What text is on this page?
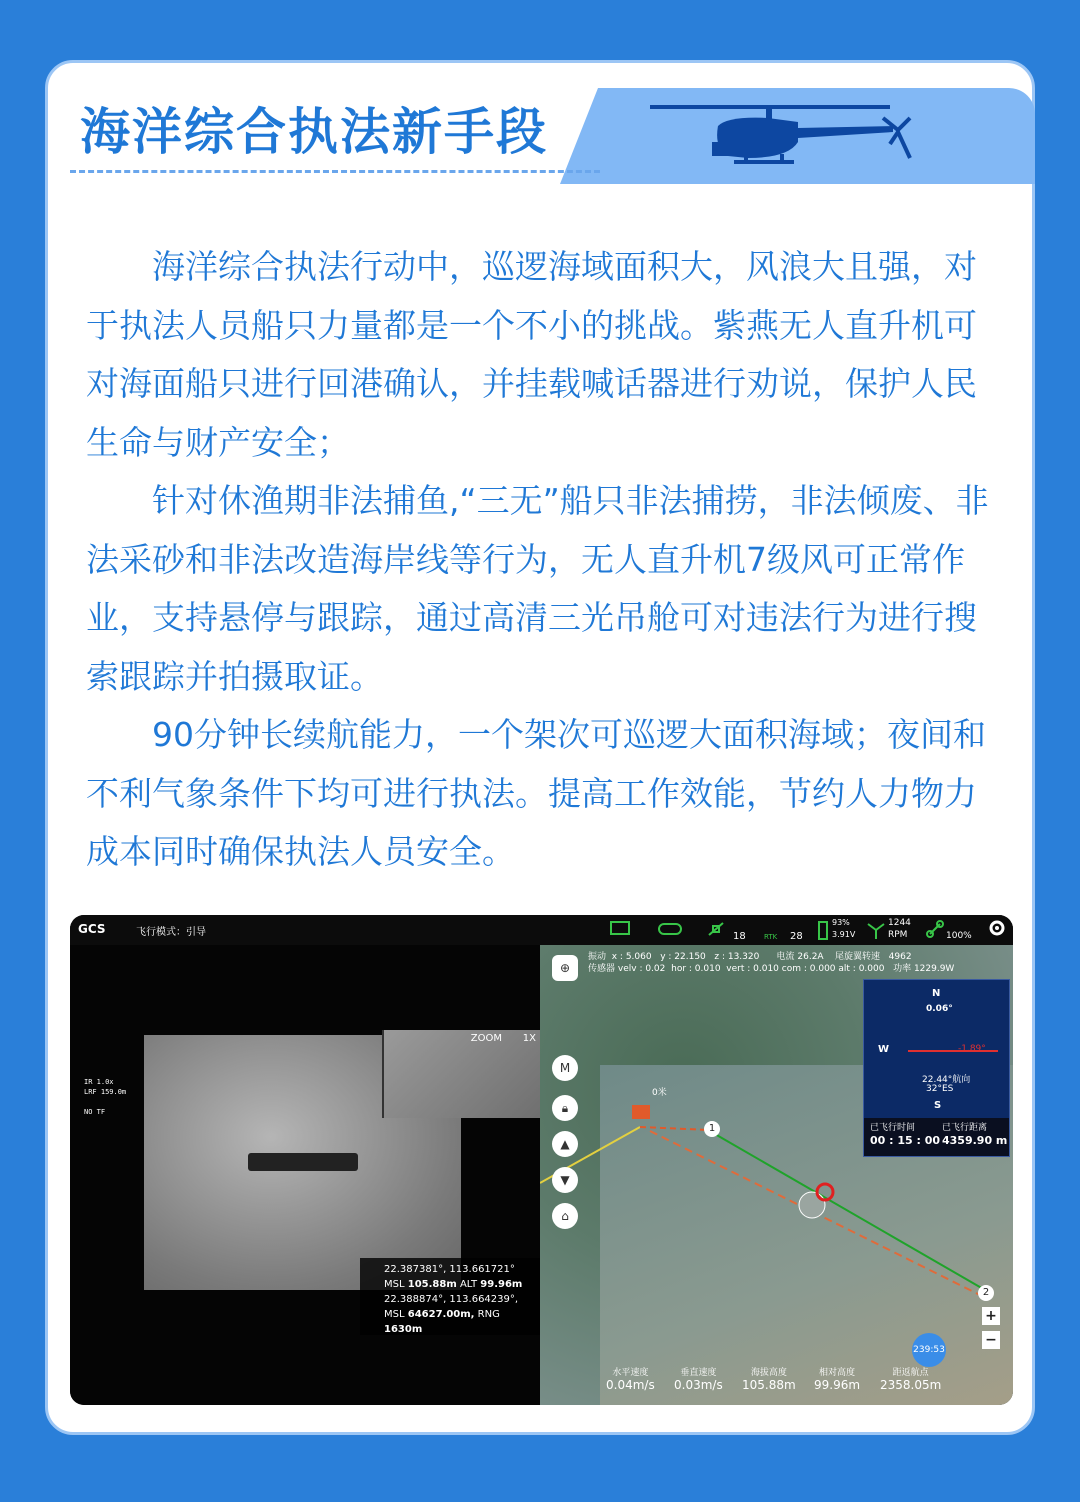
海洋综合执法新手段
海洋综合执法行动中，巡逻海域面积大，风浪大且强，对于执法人员船只力量都是一个不小的挑战。紫燕无人直升机可对海面船只进行回港确认，并挂载喊话器进行劝说，保护人民生命与财产安全；
针对休渔期非法捕鱼,“三无”船只非法捕捞，非法倾废、非法采砂和非法改造海岸线等行为，无人直升机7级风可正常作业，支持悬停与跟踪，通过高清三光吊舱可对违法行为进行搜索跟踪并拍摄取证。
90分钟长续航能力，一个架次可巡逻大面积海域；夜间和不利气象条件下均可进行执法。提高工作效能，节约人力物力成本同时确保执法人员安全。
GCS	飞行模式：引导	18	RTK 28
93%
3.91V
1244
RPM	100%
IR 1.0x
LRF 159.0m
NO TF
ZOOM 1X
22.387381°, 113.661721°
MSL 105.88m ALT 99.96m
22.388874°, 113.664239°,
MSL 64627.00m, RNG 1630m
振动 x : 5.060 y : 22.150 z : 13.320 电流 26.2A 尾旋翼转速 4962
传感器 velv : 0.02 hor : 0.010 vert : 0.010 com : 0.000 alt : 0.000 功率 1229.9W
0米
1
2
⊕
M
🔒︎
▲
▼
⌂
N
0.06°
W	-1.89°
22.44°航向
32°ES
S
已飞行时间	已飞行距离
00 : 15 : 00 4359.90 m
+
−
239:53
水平速度
0.04m/s
垂直速度
0.03m/s
海拔高度
105.88m
相对高度
99.96m
距返航点
2358.05m
